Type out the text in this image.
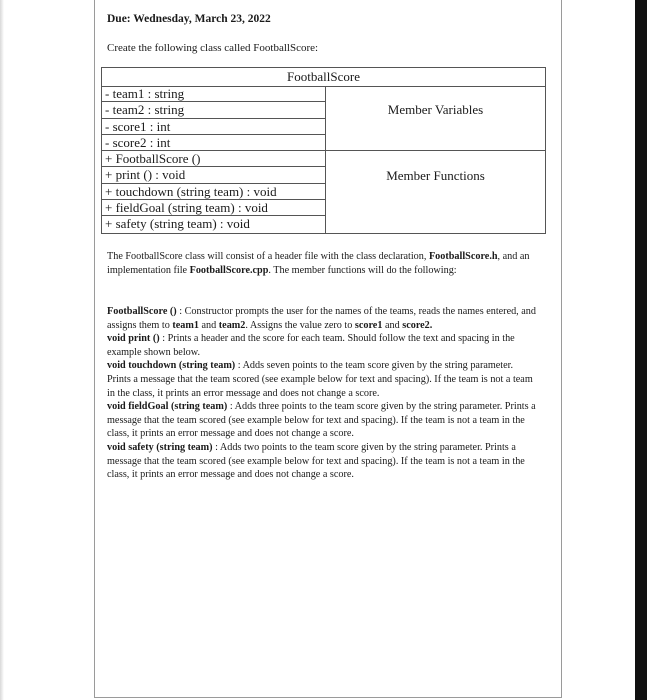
Due: Wednesday, March 23, 2022
Create the following class called FootballScore:
FootballScore
- team1 : string
- team2 : string
- score1 : int
- score2 : int
+ FootballScore ()
+ print () : void
+ touchdown (string team) : void
+ fieldGoal (string team) : void
+ safety (string team) : void
Member Variables
Member Functions
The FootballScore class will consist of a header file with the class declaration, FootballScore.h, and an implementation file FootballScore.cpp. The member functions will do the following:
FootballScore () : Constructor prompts the user for the names of the teams, reads the names entered, and assigns them to team1 and team2. Assigns the value zero to score1 and score2.
void print () : Prints a header and the score for each team. Should follow the text and spacing in the example shown below.
void touchdown (string team) : Adds seven points to the team score given by the string parameter. Prints a message that the team scored (see example below for text and spacing). If the team is not a team in the class, it prints an error message and does not change a score.
void fieldGoal (string team) : Adds three points to the team score given by the string parameter. Prints a message that the team scored (see example below for text and spacing). If the team is not a team in the class, it prints an error message and does not change a score.
void safety (string team) : Adds two points to the team score given by the string parameter. Prints a message that the team scored (see example below for text and spacing). If the team is not a team in the class, it prints an error message and does not change a score.
